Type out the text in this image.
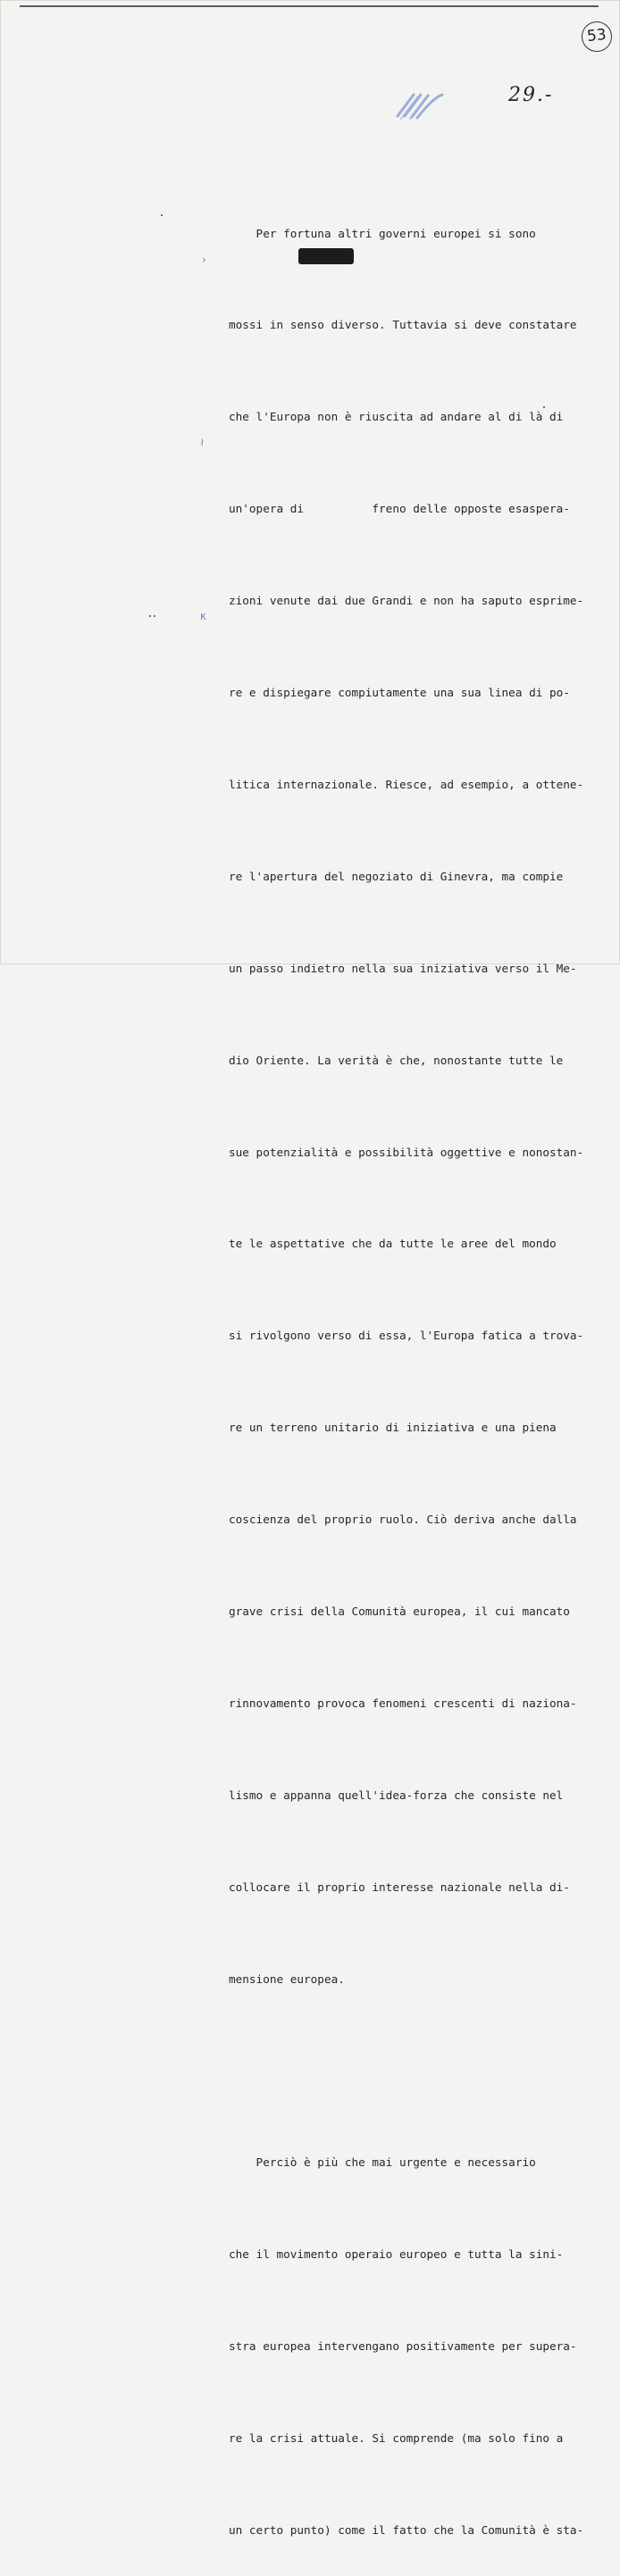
53
29.-

Per fortuna altri governi europei si sono

mossi in senso diverso. Tuttavia si deve constatare

che l'Europa non è riuscita ad andare al di là di

un'opera di          freno delle opposte esaspera-

zioni venute dai due Grandi e non ha saputo esprime-

re e dispiegare compiutamente una sua linea di po-

litica internazionale. Riesce, ad esempio, a ottene-

re l'apertura del negoziato di Ginevra, ma compie

un passo indietro nella sua iniziativa verso il Me-

dio Oriente. La verità è che, nonostante tutte le

sue potenzialità e possibilità oggettive e nonostan-

te le aspettative che da tutte le aree del mondo

si rivolgono verso di essa, l'Europa fatica a trova-

re un terreno unitario di iniziativa e una piena

coscienza del proprio ruolo. Ciò deriva anche dalla

grave crisi della Comunità europea, il cui mancato

rinnovamento provoca fenomeni crescenti di naziona-

lismo e appanna quell'idea-forza che consiste nel

collocare il proprio interesse nazionale nella di-

mensione europea.

Perciò è più che mai urgente e necessario

che il movimento operaio europeo e tutta la sini-

stra europea intervengano positivamente per supera-

re la crisi attuale. Si comprende (ma solo fino a

un certo punto) come il fatto che la Comunità è sta-

›
≀
κ
